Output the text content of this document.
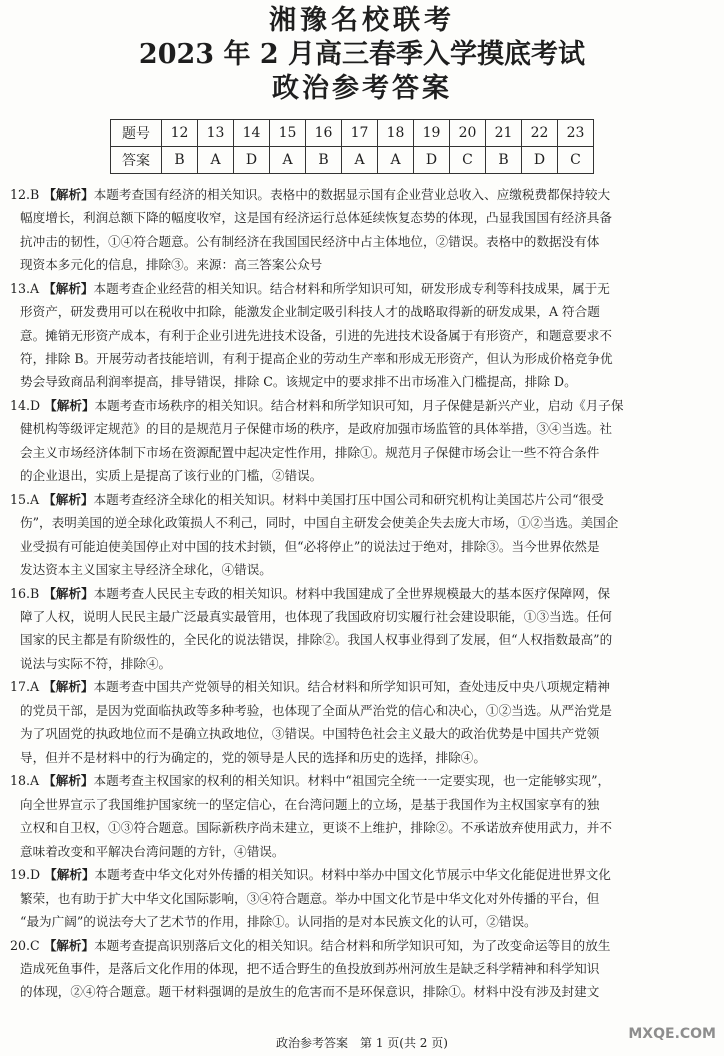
湘豫名校联考
2023 年 2 月高三春季入学摸底考试
政治参考答案
题号	12	13	14	15	16	17	18	19	20	21	22	23
答案	B	A	D	A	B	A	A	D	C	B	D	C

12.B 【解析】本题考查国有经济的相关知识。表格中的数据显示国有企业营业总收入、应缴税费都保持较大

幅度增长，利润总额下降的幅度收窄，这是国有经济运行总体延续恢复态势的体现，凸显我国国有经济具备

抗冲击的韧性，①④符合题意。公有制经济在我国国民经济中占主体地位，②错误。表格中的数据没有体

现资本多元化的信息，排除③。来源：高三答案公众号

13.A 【解析】本题考查企业经营的相关知识。结合材料和所学知识可知，研发形成专利等科技成果，属于无

形资产，研发费用可以在税收中扣除，能激发企业制定吸引科技人才的战略取得新的研发成果，A 符合题

意。摊销无形资产成本，有利于企业引进先进技术设备，引进的先进技术设备属于有形资产，和题意要求不

符，排除 B。开展劳动者技能培训，有利于提高企业的劳动生产率和形成无形资产，但认为形成价格竞争优

势会导致商品利润率提高，排导错误，排除 C。该规定中的要求排不出市场准入门槛提高，排除 D。

14.D 【解析】本题考查市场秩序的相关知识。结合材料和所学知识可知，月子保健是新兴产业，启动《月子保

健机构等级评定规范》的目的是规范月子保健市场的秩序，是政府加强市场监管的具体举措，③④当选。社

会主义市场经济体制下市场在资源配置中起决定性作用，排除①。规范月子保健市场会让一些不符合条件

的企业退出，实质上是提高了该行业的门槛，②错误。

15.A 【解析】本题考查经济全球化的相关知识。材料中美国打压中国公司和研究机构让美国芯片公司“很受

伤”，表明美国的逆全球化政策损人不利己，同时，中国自主研发会使美企失去庞大市场，①②当选。美国企

业受损有可能迫使美国停止对中国的技术封锁，但“必将停止”的说法过于绝对，排除③。当今世界依然是

发达资本主义国家主导经济全球化，④错误。

16.B 【解析】本题考查人民民主专政的相关知识。材料中我国建成了全世界规模最大的基本医疗保障网，保

障了人权，说明人民民主最广泛最真实最管用，也体现了我国政府切实履行社会建设职能，①③当选。任何

国家的民主都是有阶级性的，全民化的说法错误，排除②。我国人权事业得到了发展，但“人权指数最高”的

说法与实际不符，排除④。

17.A 【解析】本题考查中国共产党领导的相关知识。结合材料和所学知识可知，查处违反中央八项规定精神

的党员干部，是因为党面临执政等多种考验，也体现了全面从严治党的信心和决心，①②当选。从严治党是

为了巩固党的执政地位而不是确立执政地位，③错误。中国特色社会主义最大的政治优势是中国共产党领

导，但并不是材料中的行为确定的，党的领导是人民的选择和历史的选择，排除④。

18.A 【解析】本题考查主权国家的权利的相关知识。材料中“祖国完全统一一定要实现，也一定能够实现”，

向全世界宣示了我国维护国家统一的坚定信心，在台湾问题上的立场，是基于我国作为主权国家享有的独

立权和自卫权，①③符合题意。国际新秩序尚未建立，更谈不上维护，排除②。不承诺放弃使用武力，并不

意味着改变和平解决台湾问题的方针，④错误。

19.D 【解析】本题考查中华文化对外传播的相关知识。材料中举办中国文化节展示中华文化能促进世界文化

繁荣，也有助于扩大中华文化国际影响，③④符合题意。举办中国文化节是中华文化对外传播的平台，但

“最为广阔”的说法夸大了艺术节的作用，排除①。认同指的是对本民族文化的认可，②错误。

20.C 【解析】本题考查提高识别落后文化的相关知识。结合材料和所学知识可知，为了改变命运等目的放生

造成死鱼事件，是落后文化作用的体现，把不适合野生的鱼投放到苏州河放生是缺乏科学精神和科学知识

的体现，②④符合题意。题干材料强调的是放生的危害而不是环保意识，排除①。材料中没有涉及封建文

政治参考答案　第 1 页(共 2 页)
MXQE.COM
